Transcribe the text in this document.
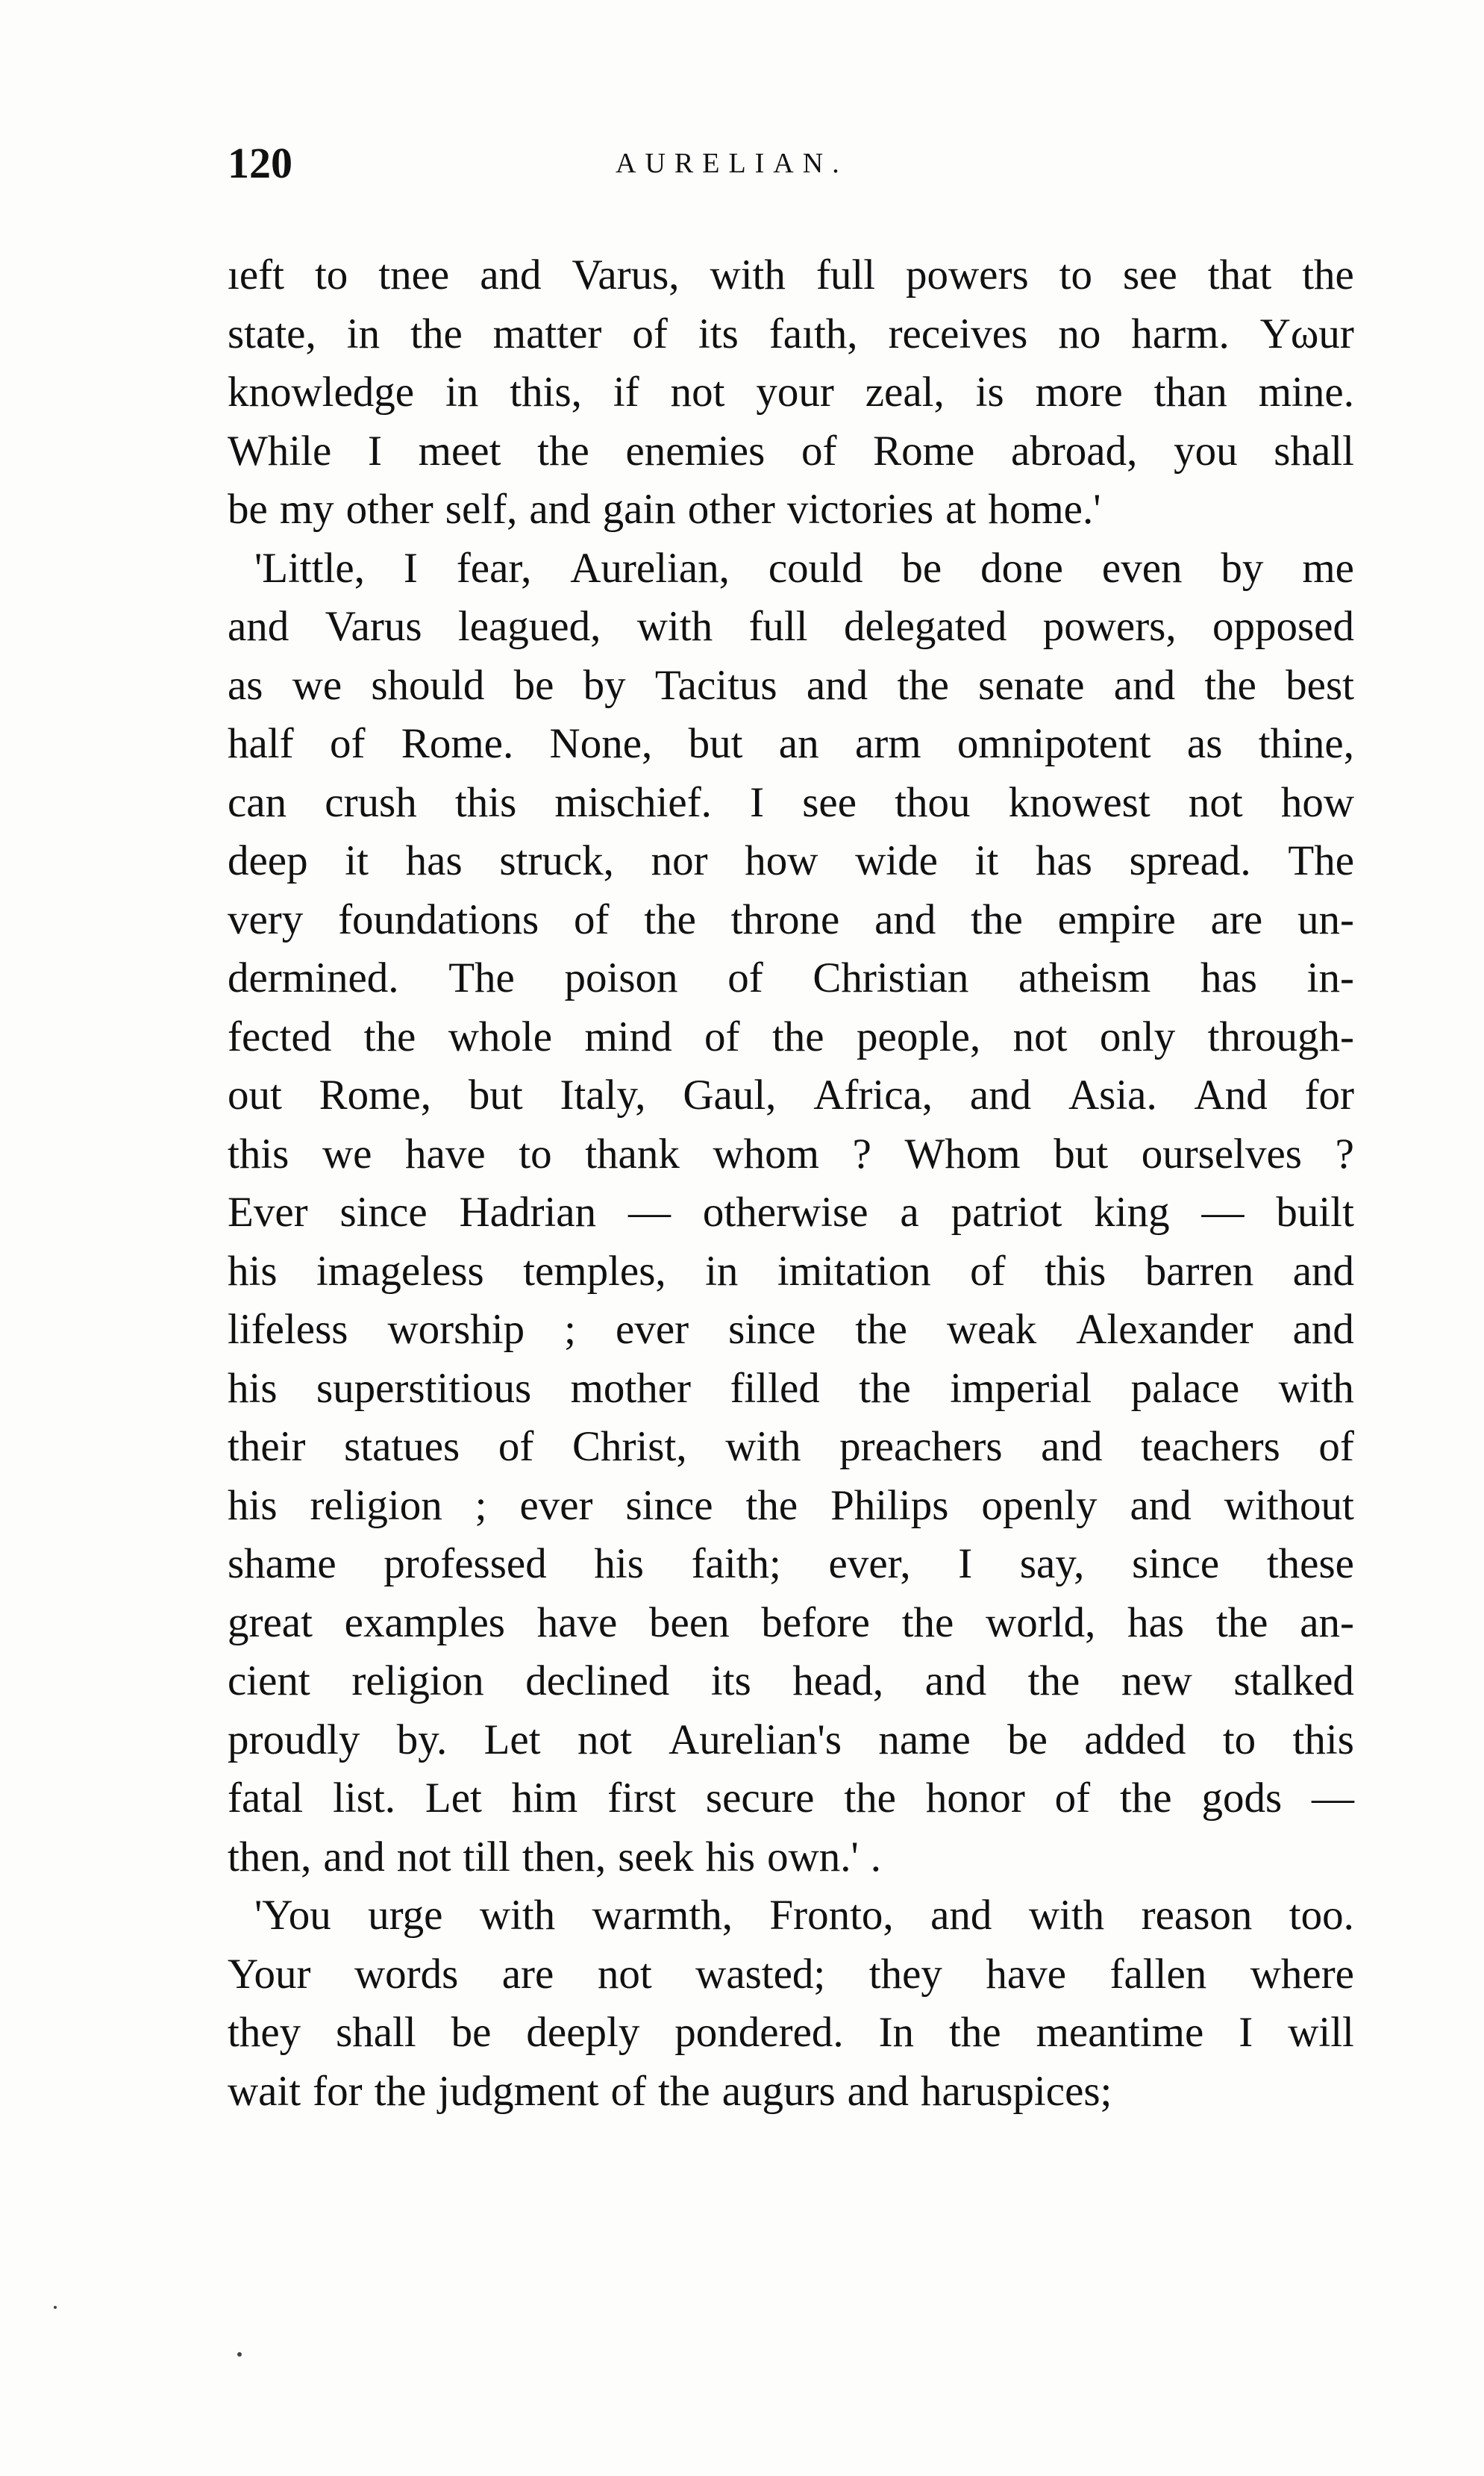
120	AURELIAN.
ıeft to tnee and Varus, with full powers to see that the
state, in the matter of its faıth, receives no harm. Yωur
knowledge in this, if not your zeal, is more than mine.
While I meet the enemies of Rome abroad, you shall
be my other self, and gain other victories at home.'
'Little, I fear, Aurelian, could be done even by me
and Varus leagued, with full delegated powers, opposed
as we should be by Tacitus and the senate and the best
half of Rome. None, but an arm omnipotent as thine,
can crush this mischief. I see thou knowest not how
deep it has struck, nor how wide it has spread. The
very foundations of the throne and the empire are un-
dermined. The poison of Christian atheism has in-
fected the whole mind of the people, not only through-
out Rome, but Italy, Gaul, Africa, and Asia. And for
this we have to thank whom ? Whom but ourselves ?
Ever since Hadrian — otherwise a patriot king — built
his imageless temples, in imitation of this barren and
lifeless worship ; ever since the weak Alexander and
his superstitious mother filled the imperial palace with
their statues of Christ, with preachers and teachers of
his religion ; ever since the Philips openly and without
shame professed his faith; ever, I say, since these
great examples have been before the world, has the an-
cient religion declined its head, and the new stalked
proudly by. Let not Aurelian's name be added to this
fatal list. Let him first secure the honor of the gods —
then, and not till then, seek his own.' .
'You urge with warmth, Fronto, and with reason too.
Your words are not wasted; they have fallen where
they shall be deeply pondered. In the meantime I will
wait for the judgment of the augurs and haruspices;
